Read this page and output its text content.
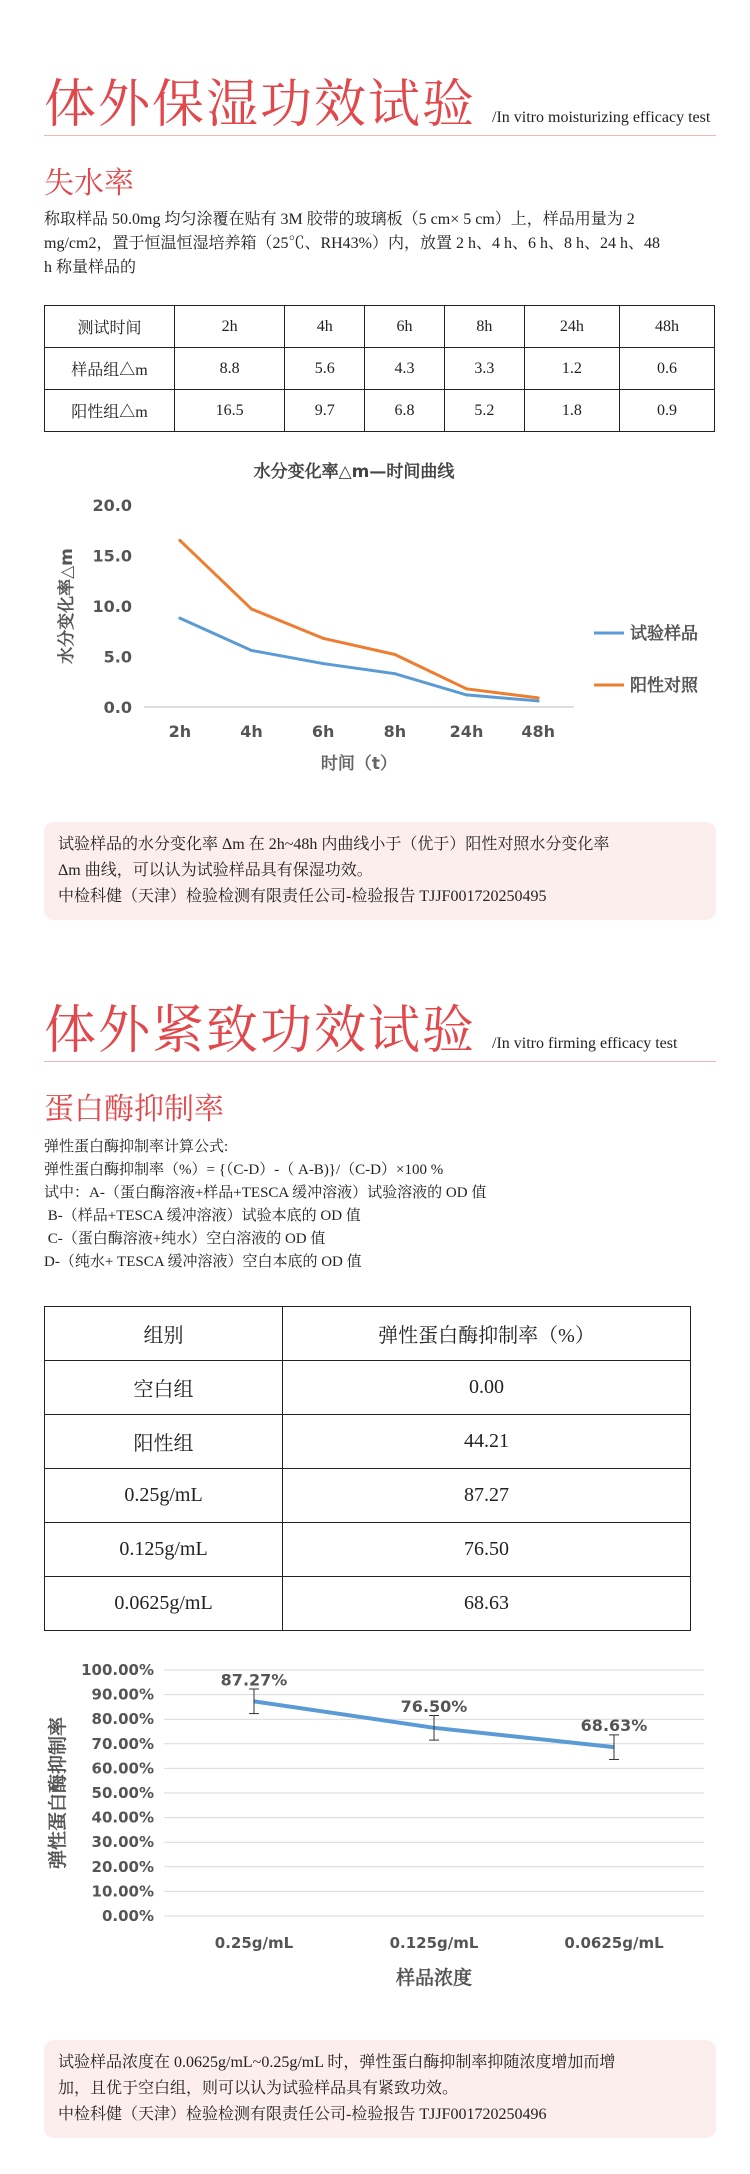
体外保湿功效试验 /In vitro moisturizing efficacy test
失水率
称取样品 50.0mg 均匀涂覆在贴有 3M 胶带的玻璃板（5 cm× 5 cm）上，样品用量为 2
mg/cm2，置于恒温恒湿培养箱（25℃、RH43%）内，放置 2 h、4 h、6 h、8 h、24 h、48
h 称量样品的
测试时间	2h	4h	6h	8h	24h	48h
样品组△m	8.8	5.6	4.3	3.3	1.2	0.6
阳性组△m	16.5	9.7	6.8	5.2	1.8	0.9
水分变化率△m—时间曲线
0.0
5.0
10.0
15.0
20.0
2h	4h	6h	8h	24h 48h
时间（t）
水分变化率△m	试验样品
阳性对照
试验样品的水分变化率 Δm 在 2h~48h 内曲线小于（优于）阳性对照水分变化率
Δm 曲线，可以认为试验样品具有保湿功效。
中检科健（天津）检验检测有限责任公司-检验报告 TJJF001720250495
体外紧致功效试验 /In vitro firming efficacy test
蛋白酶抑制率
弹性蛋白酶抑制率计算公式:
弹性蛋白酶抑制率（%）= {（C-D）-（ A-B)}/（C-D）×100 %
试中：A-（蛋白酶溶液+样品+TESCA 缓冲溶液）试验溶液的 OD 值
B-（样品+TESCA 缓冲溶液）试验本底的 OD 值
C-（蛋白酶溶液+纯水）空白溶液的 OD 值
D-（纯水+ TESCA 缓冲溶液）空白本底的 OD 值
组别	弹性蛋白酶抑制率（%）
空白组	0.00
阳性组	44.21
0.25g/mL	87.27
0.125g/mL	76.50
0.0625g/mL	68.63
0.00%
10.00%
20.00%
30.00%
40.00%
50.00%
60.00%
70.00%
80.00%
90.00%
100.00%
0.25g/mL	0.125g/mL	0.0625g/mL
样品浓度
弹性蛋白酶抑制率
87.27%
76.50%
68.63%
试验样品浓度在 0.0625g/mL~0.25g/mL 时，弹性蛋白酶抑制率抑随浓度增加而增
加，且优于空白组，则可以认为试验样品具有紧致功效。
中检科健（天津）检验检测有限责任公司-检验报告 TJJF001720250496
